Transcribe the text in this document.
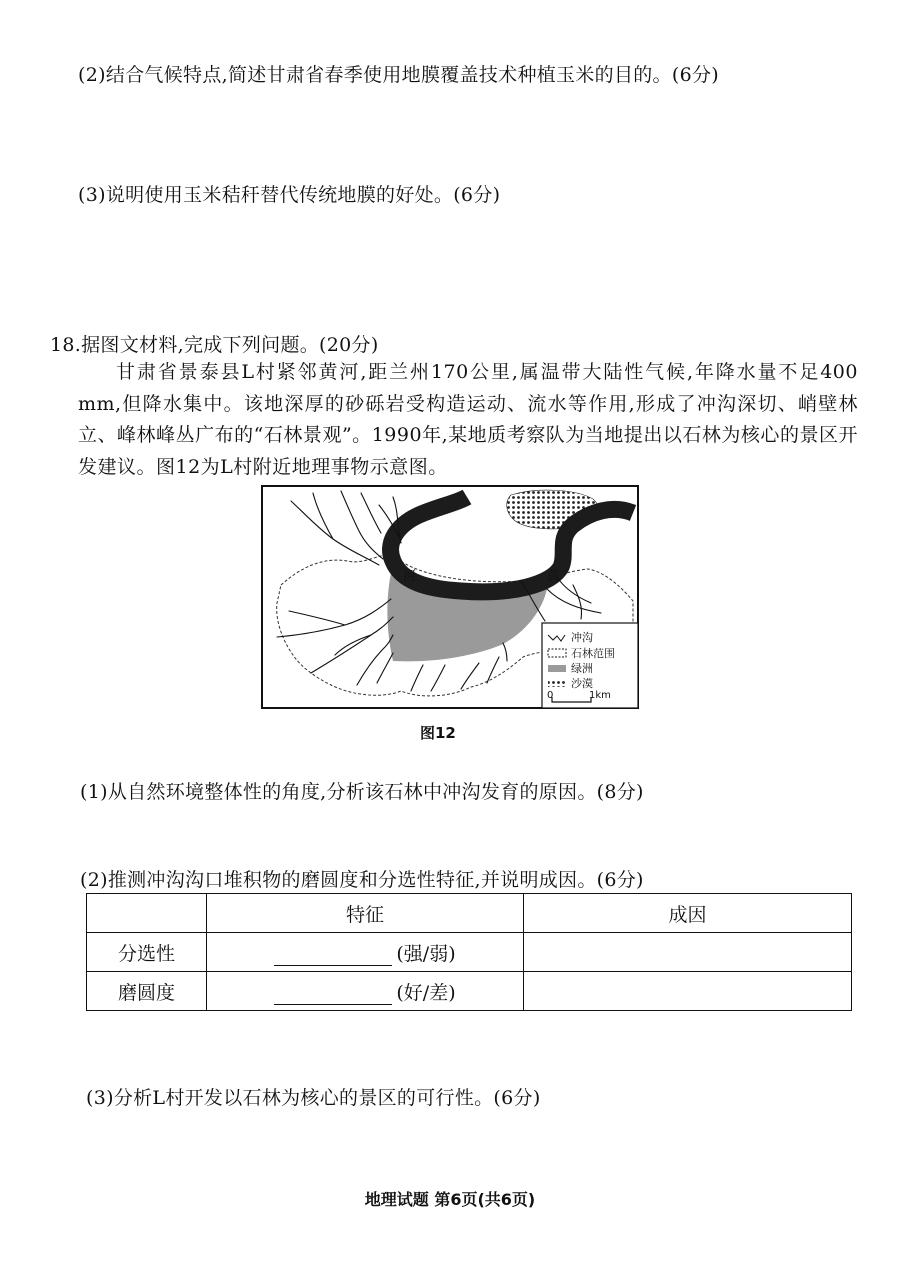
(2)结合气候特点,简述甘肃省春季使用地膜覆盖技术种植玉米的目的。(6分)
(3)说明使用玉米秸秆替代传统地膜的好处。(6分)
18.据图文材料,完成下列问题。(20分)
甘肃省景泰县L村紧邻黄河,距兰州170公里,属温带大陆性气候,年降水量不足400 mm,但降水集中。该地深厚的砂砾岩受构造运动、流水等作用,形成了冲沟深切、峭壁林立、峰林峰丛广布的“石林景观”。1990年,某地质考察队为当地提出以石林为核心的景区开发建议。图12为L村附近地理事物示意图。
河	黄
冲沟
石林范围
绿洲
沙漠
0	1km
图12
(1)从自然环境整体性的角度,分析该石林中冲沟发育的原因。(8分)
(2)推测冲沟沟口堆积物的磨圆度和分选性特征,并说明成因。(6分)
	特征	成因
分选性	(强/弱)	
磨圆度	(好/差)	
(3)分析L村开发以石林为核心的景区的可行性。(6分)
地理试题 第6页(共6页)
